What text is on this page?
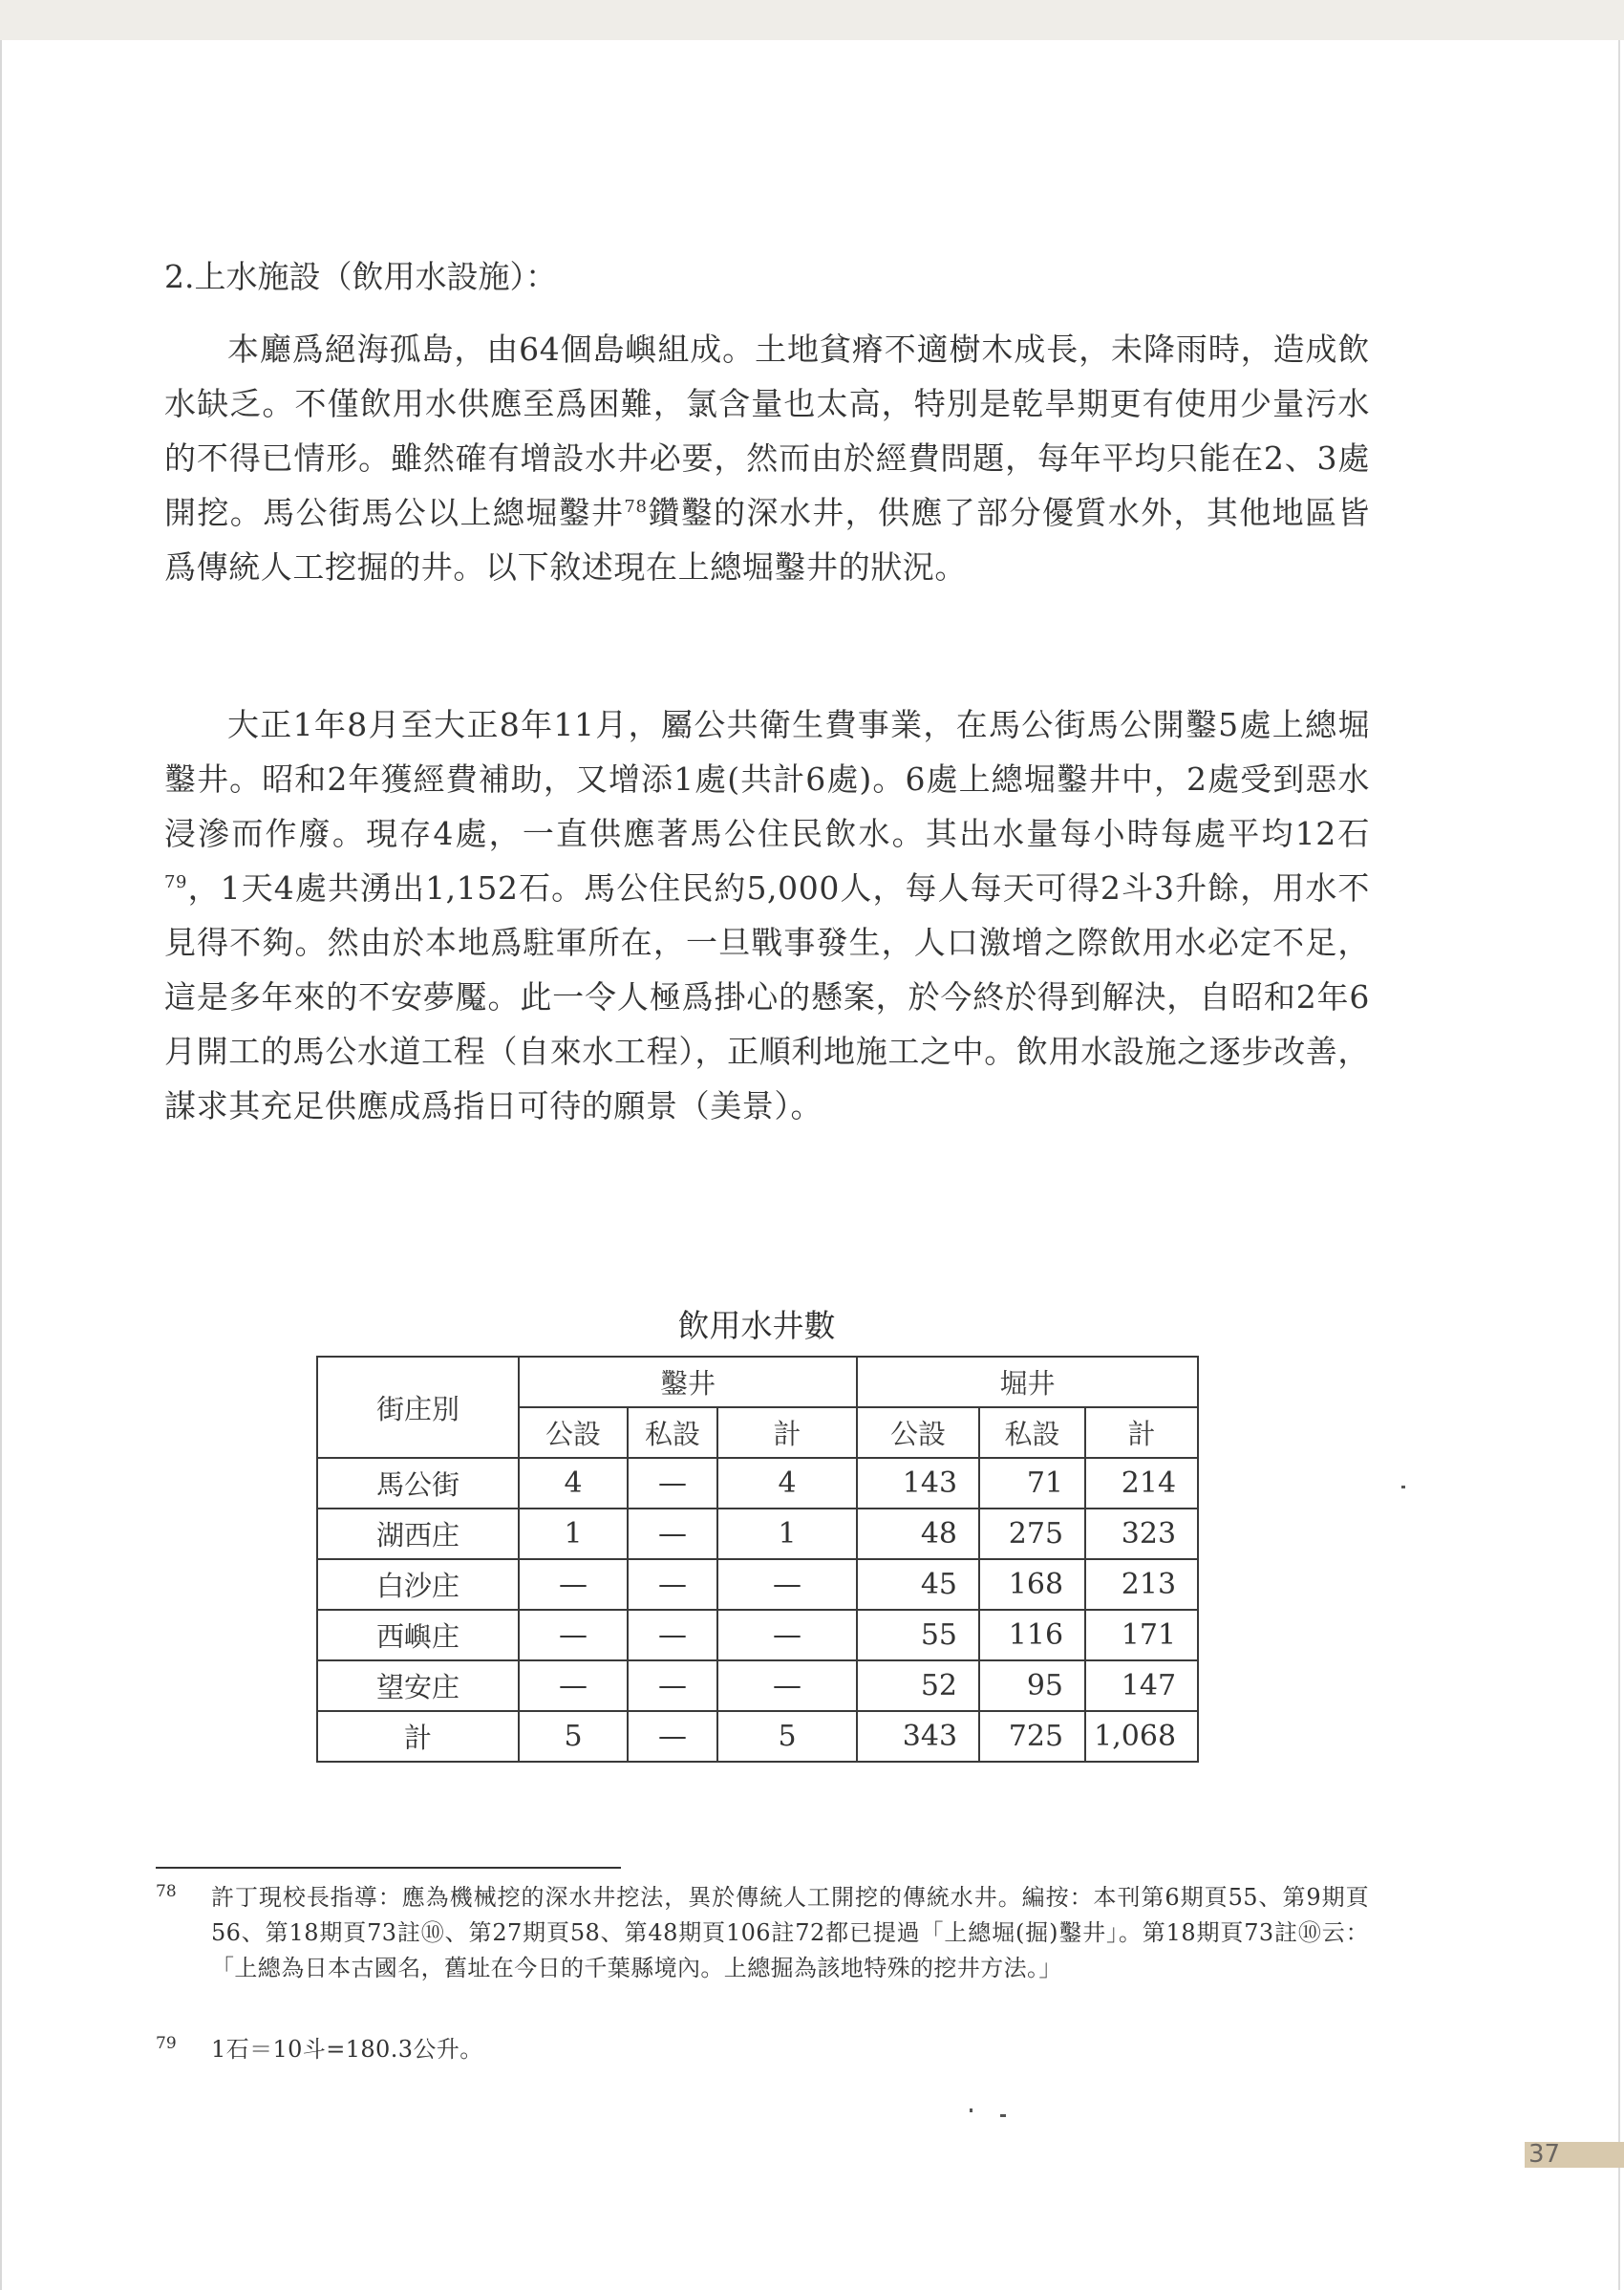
2.上水施設（飲用水設施）：

本廳爲絕海孤島，由64個島嶼組成。土地貧瘠不適樹木成長，未降雨時，造成飲水缺乏。不僅飲用水供應至爲困難，氯含量也太高，特別是乾旱期更有使用少量污水的不得已情形。雖然確有增設水井必要，然而由於經費問題，每年平均只能在2、3處開挖。馬公街馬公以上總堀鑿井$^{78}$鑽鑿的深水井，供應了部分優質水外，其他地區皆爲傳統人工挖掘的井。以下敘述現在上總堀鑿井的狀況。

大正1年8月至大正8年11月，屬公共衛生費事業，在馬公街馬公開鑿5處上總堀鑿井。昭和2年獲經費補助，又增添1處(共計6處)。6處上總堀鑿井中，2處受到惡水浸滲而作廢。現存4處，一直供應著馬公住民飲水。其出水量每小時每處平均12石$^{79}$，1天4處共湧出1,152石。馬公住民約5,000人，每人每天可得2斗3升餘，用水不見得不夠。然由於本地爲駐軍所在，一旦戰事發生，人口激增之際飲用水必定不足，這是多年來的不安夢魘。此一令人極爲掛心的懸案，於今終於得到解決，自昭和2年6月開工的馬公水道工程（自來水工程），正順利地施工之中。飲用水設施之逐步改善，謀求其充足供應成爲指日可待的願景（美景）。

飲用水井數
街庄別	鑿井			堀井		
	公設	私設	計	公設	私設	計
馬公街	4	—	4	143	71	214
湖西庄	1	—	1	48	275	323
白沙庄	—	—	—	45	168	213
西嶼庄	—	—	—	55	116	171
望安庄	—	—	—	52	95	147
計	5	—	5	343	725	1,068
78 許丁現校長指導：應為機械挖的深水井挖法，異於傳統人工開挖的傳統水井。編按：本刊第6期頁55、第9期頁56、第18期頁73註⑩、第27期頁58、第48期頁106註72都已提過「上總堀(掘)鑿井」。第18期頁73註⑩云：「上總為日本古國名，舊址在今日的千葉縣境內。上總掘為該地特殊的挖井方法。」
79 1石＝10斗=180.3公升。
37
